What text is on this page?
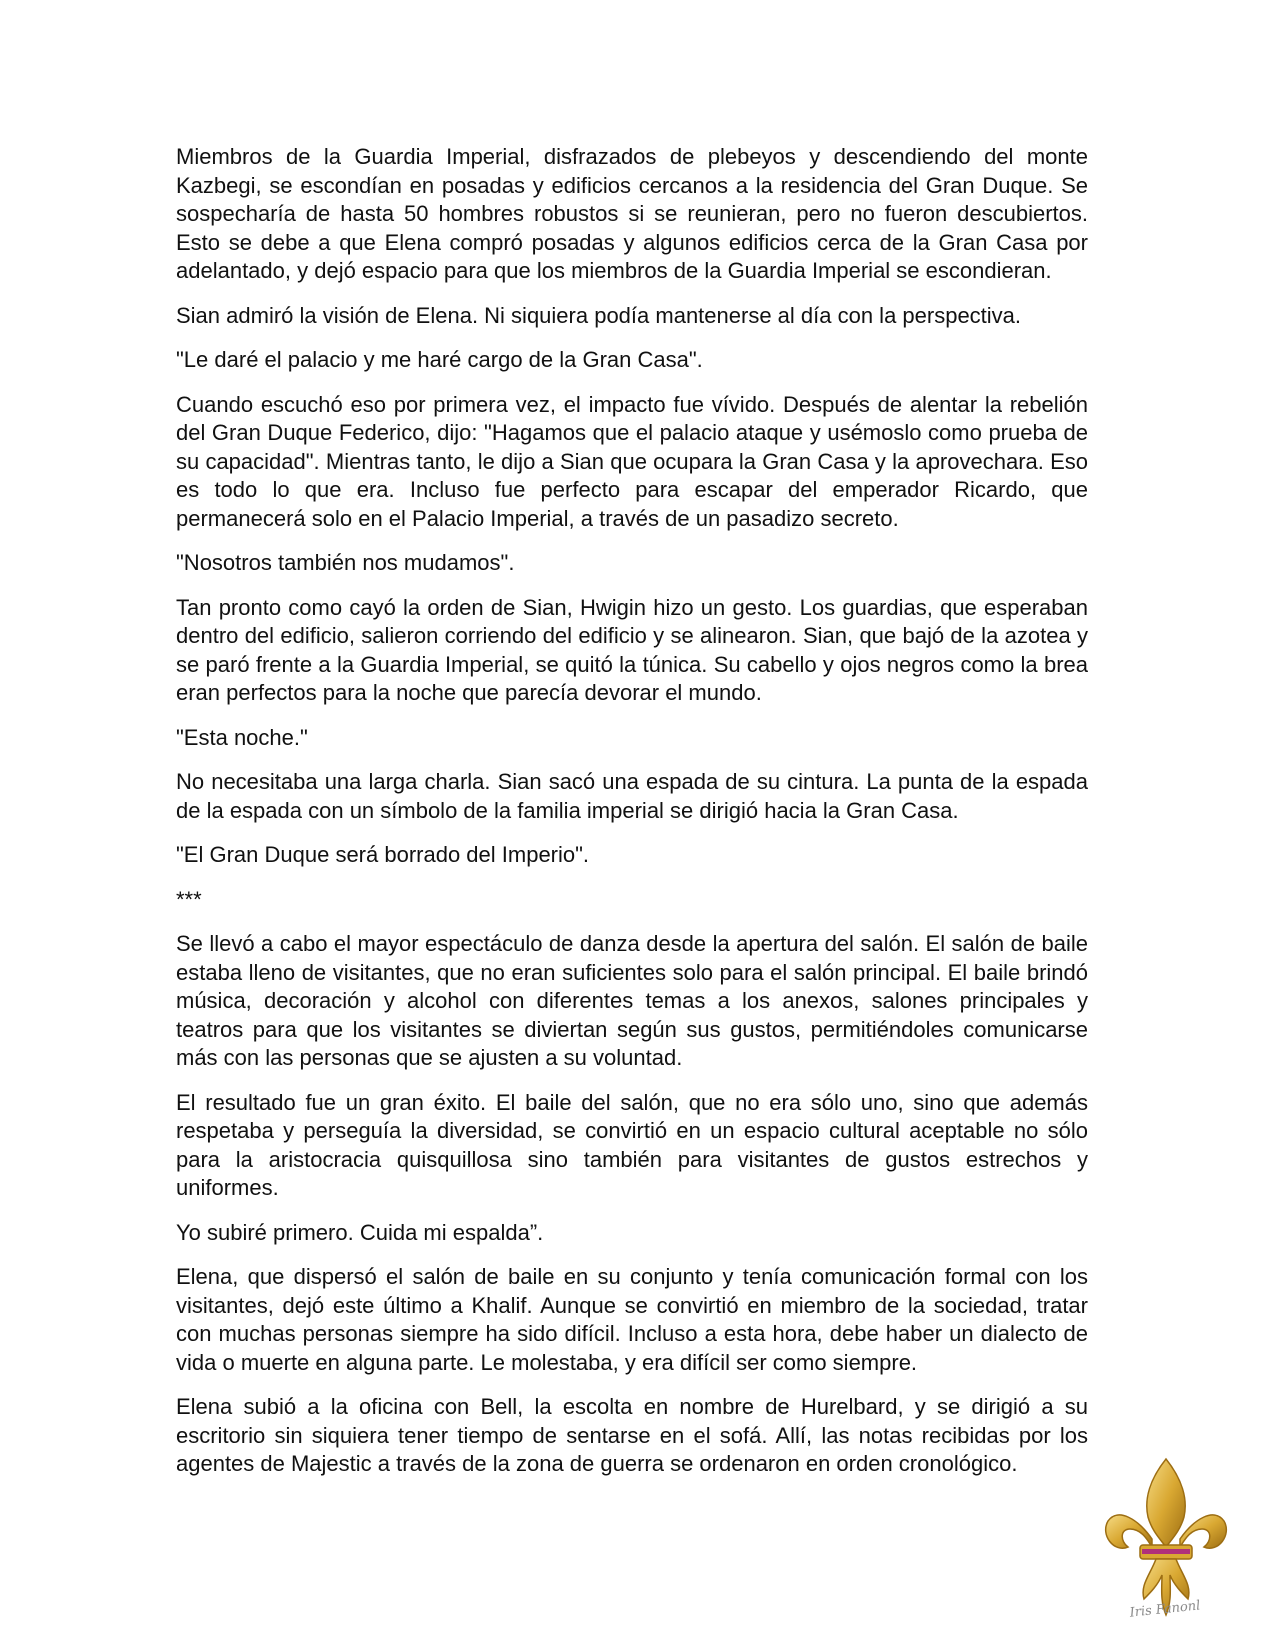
Miembros de la Guardia Imperial, disfrazados de plebeyos y descendiendo del monte Kazbegi, se escondían en posadas y edificios cercanos a la residencia del Gran Duque. Se sospecharía de hasta 50 hombres robustos si se reunieran, pero no fueron descubiertos. Esto se debe a que Elena compró posadas y algunos edificios cerca de la Gran Casa por adelantado, y dejó espacio para que los miembros de la Guardia Imperial se escondieran.

Sian admiró la visión de Elena. Ni siquiera podía mantenerse al día con la perspectiva.

"Le daré el palacio y me haré cargo de la Gran Casa".

Cuando escuchó eso por primera vez, el impacto fue vívido. Después de alentar la rebelión del Gran Duque Federico, dijo: "Hagamos que el palacio ataque y usémoslo como prueba de su capacidad". Mientras tanto, le dijo a Sian que ocupara la Gran Casa y la aprovechara. Eso es todo lo que era. Incluso fue perfecto para escapar del emperador Ricardo, que permanecerá solo en el Palacio Imperial, a través de un pasadizo secreto.

"Nosotros también nos mudamos".

Tan pronto como cayó la orden de Sian, Hwigin hizo un gesto. Los guardias, que esperaban dentro del edificio, salieron corriendo del edificio y se alinearon. Sian, que bajó de la azotea y se paró frente a la Guardia Imperial, se quitó la túnica. Su cabello y ojos negros como la brea eran perfectos para la noche que parecía devorar el mundo.

"Esta noche."

No necesitaba una larga charla. Sian sacó una espada de su cintura. La punta de la espada de la espada con un símbolo de la familia imperial se dirigió hacia la Gran Casa.

"El Gran Duque será borrado del Imperio".

***

Se llevó a cabo el mayor espectáculo de danza desde la apertura del salón. El salón de baile estaba lleno de visitantes, que no eran suficientes solo para el salón principal. El baile brindó música, decoración y alcohol con diferentes temas a los anexos, salones principales y teatros para que los visitantes se diviertan según sus gustos, permitiéndoles comunicarse más con las personas que se ajusten a su voluntad.

El resultado fue un gran éxito. El baile del salón, que no era sólo uno, sino que además respetaba y perseguía la diversidad, se convirtió en un espacio cultural aceptable no sólo para la aristocracia quisquillosa sino también para visitantes de gustos estrechos y uniformes.

Yo subiré primero. Cuida mi espalda”.

Elena, que dispersó el salón de baile en su conjunto y tenía comunicación formal con los visitantes, dejó este último a Khalif. Aunque se convirtió en miembro de la sociedad, tratar con muchas personas siempre ha sido difícil. Incluso a esta hora, debe haber un dialecto de vida o muerte en alguna parte. Le molestaba, y era difícil ser como siempre.

Elena subió a la oficina con Bell, la escolta en nombre de Hurelbard, y se dirigió a su escritorio sin siquiera tener tiempo de sentarse en el sofá. Allí, las notas recibidas por los agentes de Majestic a través de la zona de guerra se ordenaron en orden cronológico.

Iris Fanonl
